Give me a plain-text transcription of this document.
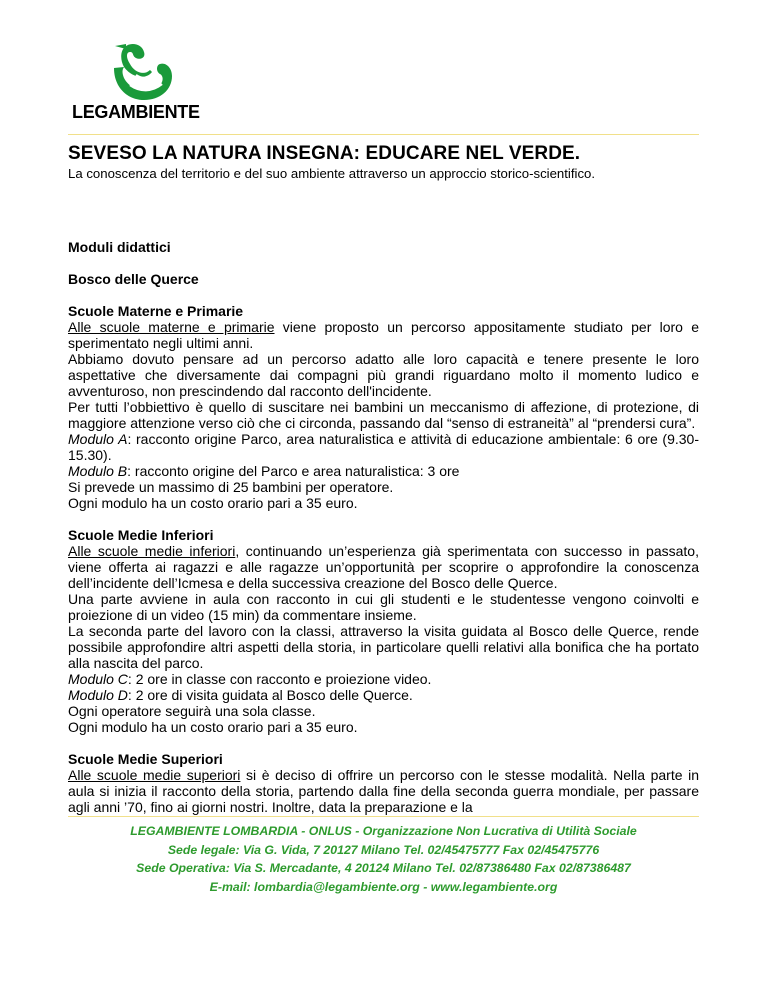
LEGAMBIENTE
SEVESO LA NATURA INSEGNA: EDUCARE NEL VERDE.

La conoscenza del territorio e del suo ambiente attraverso un approccio storico-scientifico.

Moduli didattici

Bosco delle Querce

Scuole Materne e Primarie

Alle scuole materne e primarie viene proposto un percorso appositamente studiato per loro e sperimentato negli ultimi anni.

Abbiamo dovuto pensare ad un percorso adatto alle loro capacità e tenere presente le loro aspettative che diversamente dai compagni più grandi riguardano molto il momento ludico e avventuroso, non prescindendo dal racconto dell'incidente.

Per tutti l’obbiettivo è quello di suscitare nei bambini un meccanismo di affezione, di protezione, di maggiore attenzione verso ciò che ci circonda, passando dal “senso di estraneità” al “prendersi cura”.

Modulo A: racconto origine Parco, area naturalistica e attività di educazione ambientale: 6 ore (9.30- 15.30).

Modulo B: racconto origine del Parco e area naturalistica: 3 ore

Si prevede un massimo di 25 bambini per operatore.

Ogni modulo ha un costo orario pari a 35 euro.

Scuole Medie Inferiori

Alle scuole medie inferiori, continuando un’esperienza già sperimentata con successo in passato, viene offerta ai ragazzi e alle ragazze un’opportunità per scoprire o approfondire la conoscenza dell’incidente dell’Icmesa e della successiva creazione del Bosco delle Querce.

Una parte avviene in aula con racconto in cui gli studenti e le studentesse vengono coinvolti e proiezione di un video (15 min) da commentare insieme.

La seconda parte del lavoro con la classi, attraverso la visita guidata al Bosco delle Querce, rende possibile approfondire altri aspetti della storia, in particolare quelli relativi alla bonifica che ha portato alla nascita del parco.

Modulo C: 2 ore in classe con racconto e proiezione video.

Modulo D: 2 ore di visita guidata al Bosco delle Querce.

Ogni operatore seguirà una sola classe.

Ogni modulo ha un costo orario pari a 35 euro.

Scuole Medie Superiori

Alle scuole medie superiori si è deciso di offrire un percorso con le stesse modalità. Nella parte in aula si inizia il racconto della storia, partendo dalla fine della seconda guerra mondiale, per passare agli anni ’70, fino ai giorni nostri. Inoltre, data la preparazione e la

LEGAMBIENTE LOMBARDIA - ONLUS - Organizzazione Non Lucrativa di Utilità Sociale
Sede legale: Via G. Vida, 7 20127 Milano Tel. 02/45475777 Fax 02/45475776
Sede Operativa: Via S. Mercadante, 4 20124 Milano Tel. 02/87386480 Fax 02/87386487
E-mail: lombardia@legambiente.org - www.legambiente.org
